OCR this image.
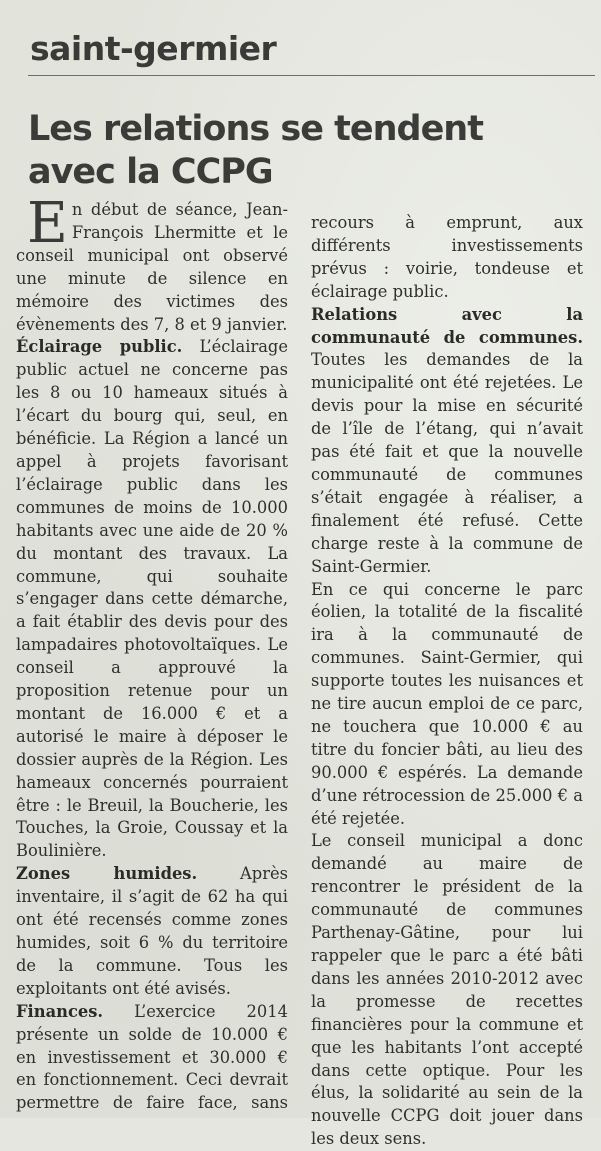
saint-germier
Les relations se tendent avec la CCPG

En début de séance, Jean-François Lhermitte et le conseil municipal ont observé une minute de silence en mémoire des victimes des évènements des 7, 8 et 9 janvier.

Éclairage public. L’éclairage public actuel ne concerne pas les 8 ou 10 hameaux situés à l’écart du bourg qui, seul, en bénéficie. La Région a lancé un appel à projets favorisant l’éclairage public dans les communes de moins de 10.000 habitants avec une aide de 20 % du montant des travaux. La commune, qui souhaite s’engager dans cette démarche, a fait établir des devis pour des lampadaires photovoltaïques. Le conseil a approuvé la proposition retenue pour un montant de 16.000 € et a autorisé le maire à déposer le dossier auprès de la Région. Les hameaux concernés pourraient être : le Breuil, la Boucherie, les Touches, la Groie, Coussay et la Boulinière.

Zones humides. Après inventaire, il s’agit de 62 ha qui ont été recensés comme zones humides, soit 6 % du territoire de la commune. Tous les exploitants ont été avisés.

Finances. L’exercice 2014 présente un solde de 10.000 € en investissement et 30.000 € en fonctionnement. Ceci devrait permettre de faire face, sans

recours à emprunt, aux différents investissements prévus : voirie, tondeuse et éclairage public.

Relations avec la communauté de communes. Toutes les demandes de la municipalité ont été rejetées. Le devis pour la mise en sécurité de l’île de l’étang, qui n’avait pas été fait et que la nouvelle communauté de communes s’était engagée à réaliser, a finalement été refusé. Cette charge reste à la commune de Saint-Germier.

En ce qui concerne le parc éolien, la totalité de la fiscalité ira à la communauté de communes. Saint-Germier, qui supporte toutes les nuisances et ne tire aucun emploi de ce parc, ne touchera que 10.000 € au titre du foncier bâti, au lieu des 90.000 € espérés. La demande d’une rétrocession de 25.000 € a été rejetée.

Le conseil municipal a donc demandé au maire de rencontrer le président de la communauté de communes Parthenay-Gâtine, pour lui rappeler que le parc a été bâti dans les années 2010-2012 avec la promesse de recettes financières pour la commune et que les habitants l’ont accepté dans cette optique. Pour les élus, la solidarité au sein de la nouvelle CCPG doit jouer dans les deux sens.
